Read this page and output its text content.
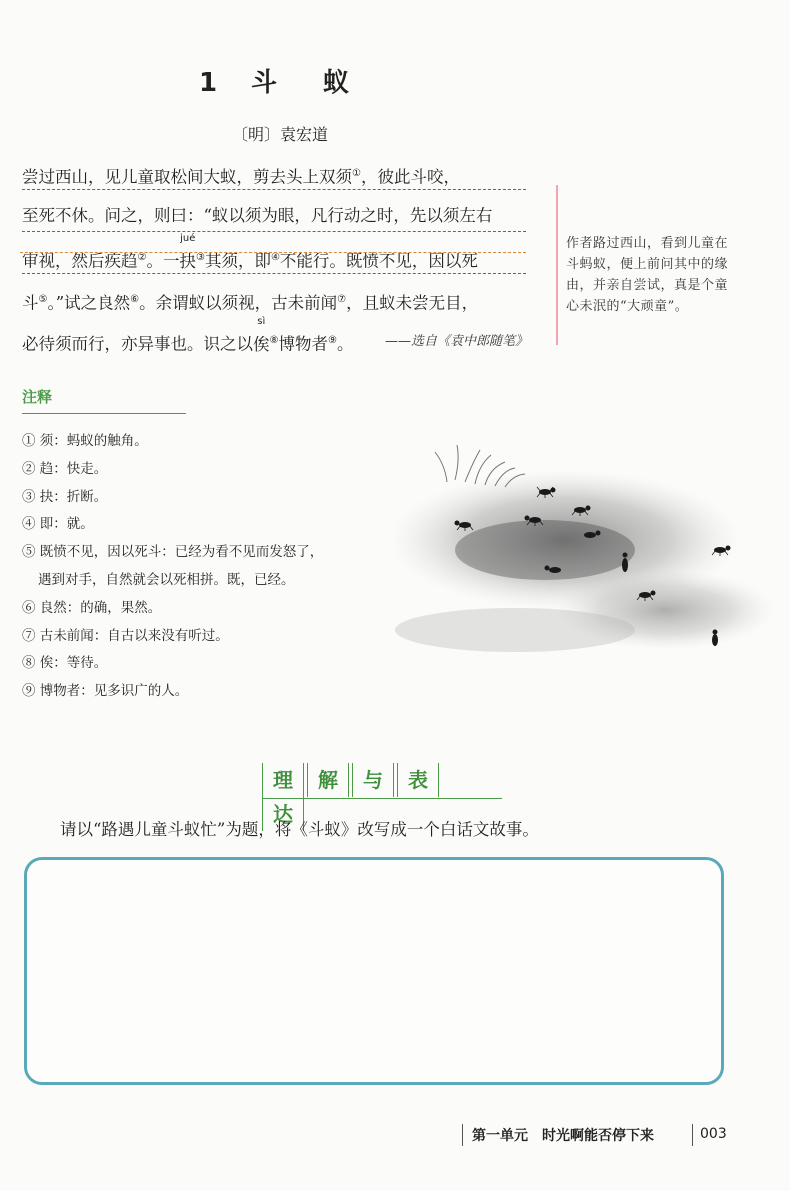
1 斗 蚁
〔明〕袁宏道
尝过西山，见儿童取松间大蚁，剪去头上双须①，彼此斗咬，
至死不休。问之，则曰：“蚁以须为眼，凡行动之时，先以须左右
审视，然后疾趋②。一
jué
抉③其须，即④不能行。既愤不见，因以死
斗⑤。”试之良然⑥。余谓蚁以须视，古未前闻⑦，且蚁未尝无目，
必待须而行，亦异事也。识之以
sì
俟⑧博物者⑨。	——选自《袁中郎随笔》
作者路过西山，看到儿童在斗蚂蚁，便上前问其中的缘由，并亲自尝试，真是个童心未泯的“大顽童”。
注释
① 须：蚂蚁的触角。
② 趋：快走。
③ 抉：折断。
④ 即：就。
⑤ 既愤不见，因以死斗：已经为看不见而发怒了，
遇到对手，自然就会以死相拼。既，已经。
⑥ 良然：的确，果然。
⑦ 古未前闻：自古以来没有听过。
⑧ 俟：等待。
⑨ 博物者：见多识广的人。
理 解 与 表达
请以“路遇儿童斗蚁忙”为题，将《斗蚁》改写成一个白话文故事。
第一单元　时光啊能否停下来	003
